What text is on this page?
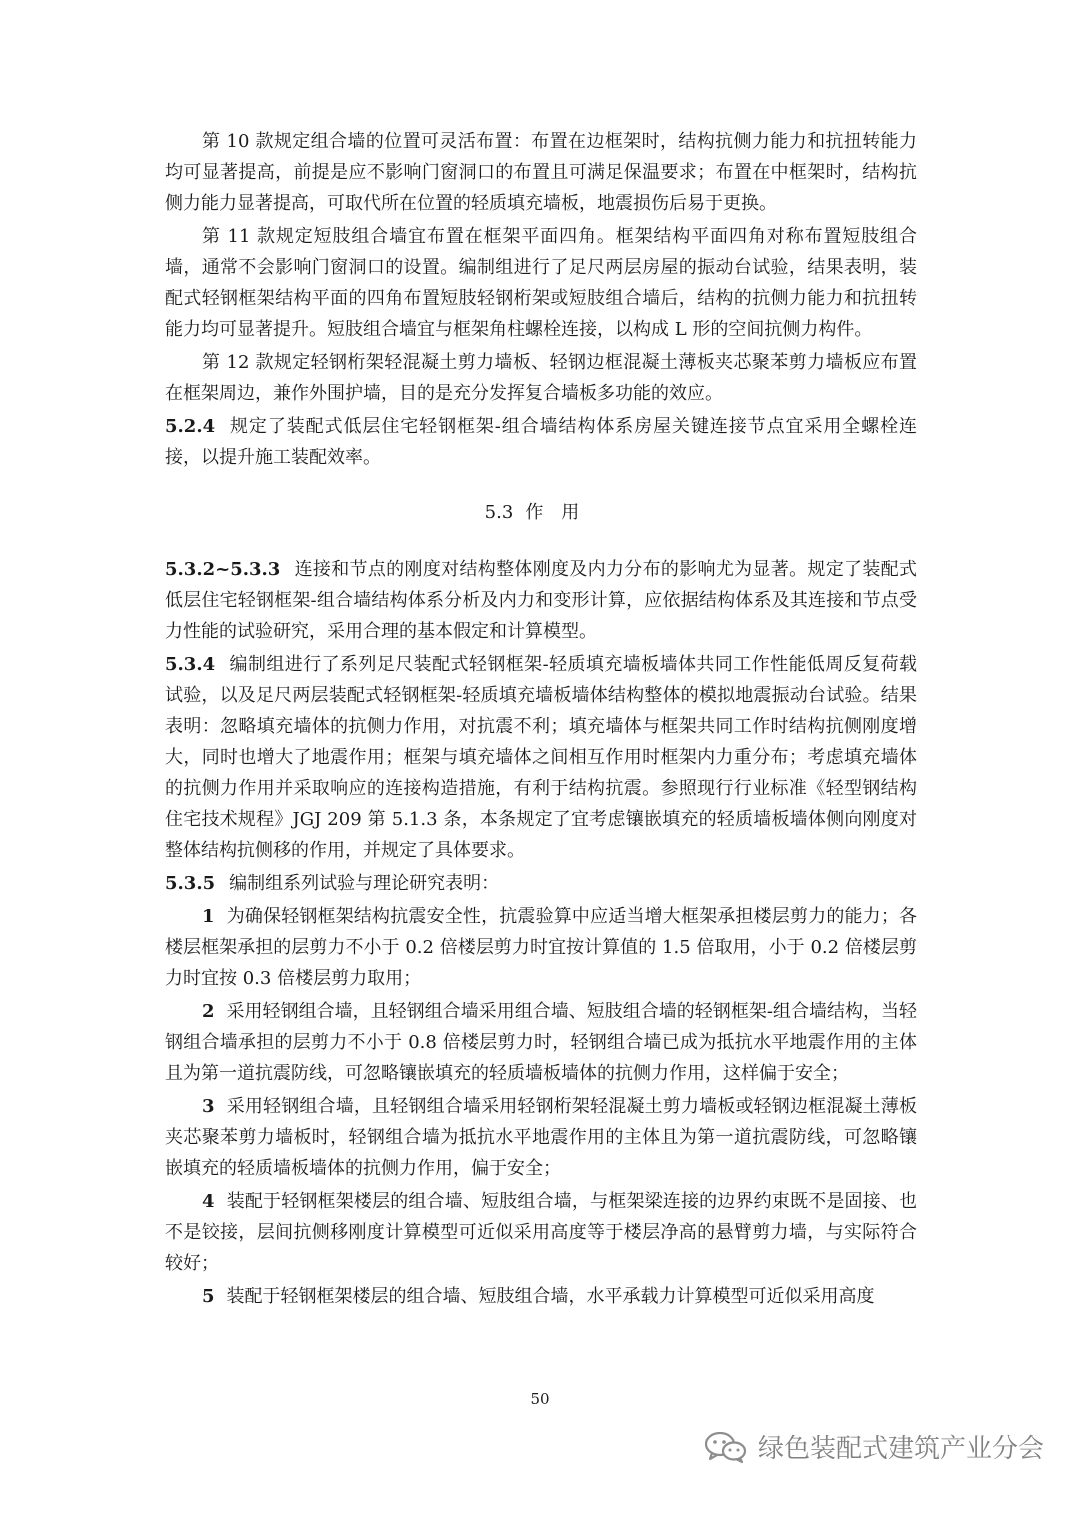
第 10 款规定组合墙的位置可灵活布置：布置在边框架时，结构抗侧力能力和抗扭转能力均可显著提高，前提是应不影响门窗洞口的布置且可满足保温要求；布置在中框架时，结构抗侧力能力显著提高，可取代所在位置的轻质填充墙板，地震损伤后易于更换。

第 11 款规定短肢组合墙宜布置在框架平面四角。框架结构平面四角对称布置短肢组合墙，通常不会影响门窗洞口的设置。编制组进行了足尺两层房屋的振动台试验，结果表明，装配式轻钢框架结构平面的四角布置短肢轻钢桁架或短肢组合墙后，结构的抗侧力能力和抗扭转能力均可显著提升。短肢组合墙宜与框架角柱螺栓连接，以构成 L 形的空间抗侧力构件。

第 12 款规定轻钢桁架轻混凝土剪力墙板、轻钢边框混凝土薄板夹芯聚苯剪力墙板应布置在框架周边，兼作外围护墙，目的是充分发挥复合墙板多功能的效应。

5.2.4 规定了装配式低层住宅轻钢框架-组合墙结构体系房屋关键连接节点宜采用全螺栓连接，以提升施工装配效率。

5.3 作用

5.3.2~5.3.3 连接和节点的刚度对结构整体刚度及内力分布的影响尤为显著。规定了装配式低层住宅轻钢框架-组合墙结构体系分析及内力和变形计算，应依据结构体系及其连接和节点受力性能的试验研究，采用合理的基本假定和计算模型。

5.3.4 编制组进行了系列足尺装配式轻钢框架-轻质填充墙板墙体共同工作性能低周反复荷载试验，以及足尺两层装配式轻钢框架-轻质填充墙板墙体结构整体的模拟地震振动台试验。结果表明：忽略填充墙体的抗侧力作用，对抗震不利；填充墙体与框架共同工作时结构抗侧刚度增大，同时也增大了地震作用；框架与填充墙体之间相互作用时框架内力重分布；考虑填充墙体的抗侧力作用并采取响应的连接构造措施，有利于结构抗震。参照现行行业标准《轻型钢结构住宅技术规程》JGJ 209 第 5.1.3 条，本条规定了宜考虑镶嵌填充的轻质墙板墙体侧向刚度对整体结构抗侧移的作用，并规定了具体要求。

5.3.5 编制组系列试验与理论研究表明：

1 为确保轻钢框架结构抗震安全性，抗震验算中应适当增大框架承担楼层剪力的能力；各楼层框架承担的层剪力不小于 0.2 倍楼层剪力时宜按计算值的 1.5 倍取用，小于 0.2 倍楼层剪力时宜按 0.3 倍楼层剪力取用；

2 采用轻钢组合墙，且轻钢组合墙采用组合墙、短肢组合墙的轻钢框架-组合墙结构，当轻钢组合墙承担的层剪力不小于 0.8 倍楼层剪力时，轻钢组合墙已成为抵抗水平地震作用的主体且为第一道抗震防线，可忽略镶嵌填充的轻质墙板墙体的抗侧力作用，这样偏于安全；

3 采用轻钢组合墙，且轻钢组合墙采用轻钢桁架轻混凝土剪力墙板或轻钢边框混凝土薄板夹芯聚苯剪力墙板时，轻钢组合墙为抵抗水平地震作用的主体且为第一道抗震防线，可忽略镶嵌填充的轻质墙板墙体的抗侧力作用，偏于安全；

4 装配于轻钢框架楼层的组合墙、短肢组合墙，与框架梁连接的边界约束既不是固接、也不是铰接，层间抗侧移刚度计算模型可近似采用高度等于楼层净高的悬臂剪力墙，与实际符合较好；

5 装配于轻钢框架楼层的组合墙、短肢组合墙，水平承载力计算模型可近似采用高度

50
绿色装配式建筑产业分会
